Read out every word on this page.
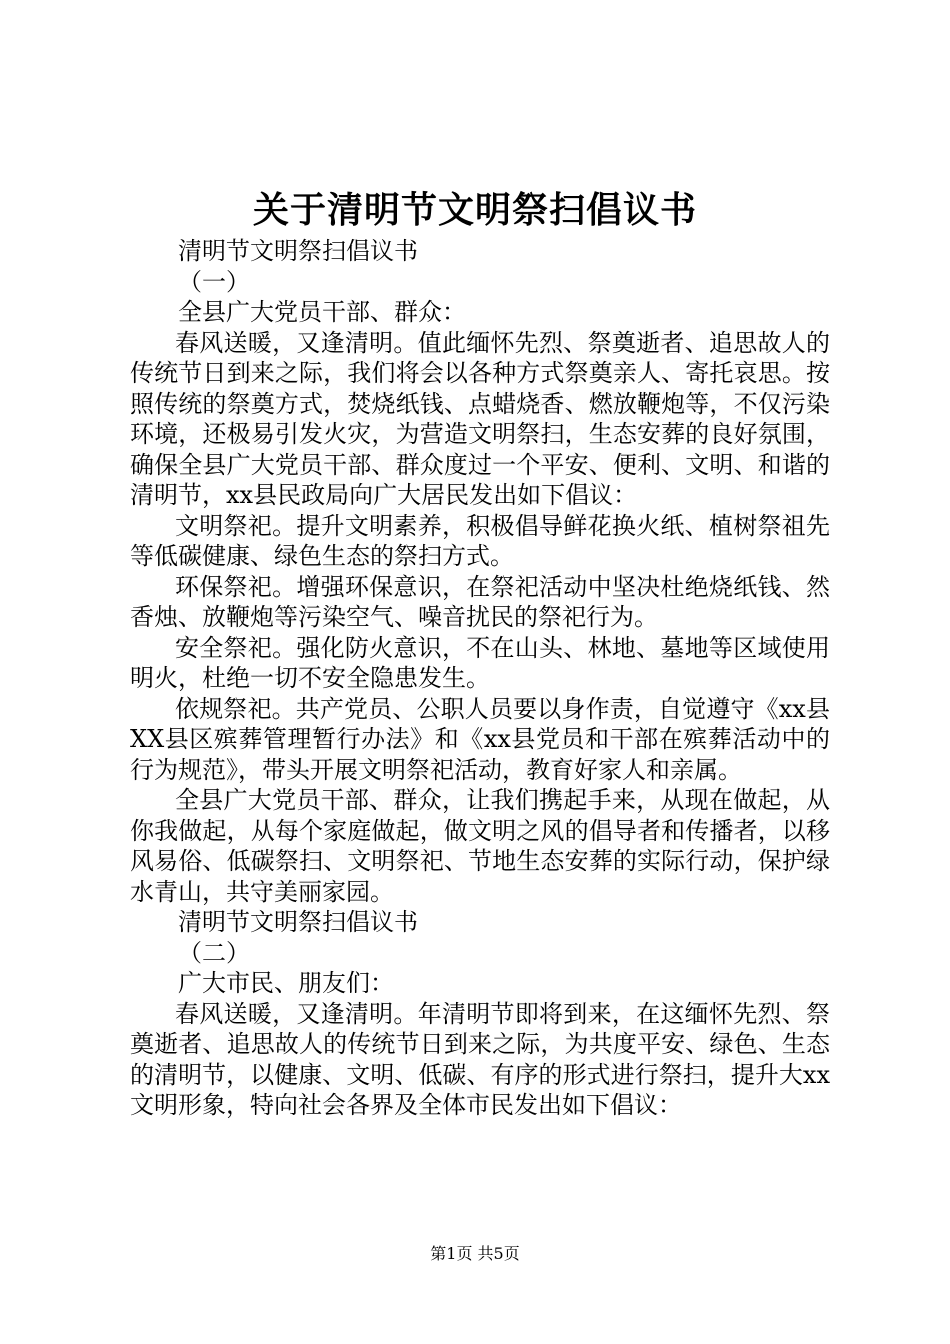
关于清明节文明祭扫倡议书

清明节文明祭扫倡议书

（一）

全县广大党员干部、群众：

春风送暖，又逢清明。值此缅怀先烈、祭奠逝者、追思故人的传统节日到来之际，我们将会以各种方式祭奠亲人、寄托哀思。按照传统的祭奠方式，焚烧纸钱、点蜡烧香、燃放鞭炮等，不仅污染环境，还极易引发火灾，为营造文明祭扫，生态安葬的良好氛围，确保全县广大党员干部、群众度过一个平安、便利、文明、和谐的清明节，xx县民政局向广大居民发出如下倡议：

文明祭祀。提升文明素养，积极倡导鲜花换火纸、植树祭祖先等低碳健康、绿色生态的祭扫方式。

环保祭祀。增强环保意识，在祭祀活动中坚决杜绝烧纸钱、然香烛、放鞭炮等污染空气、噪音扰民的祭祀行为。

安全祭祀。强化防火意识，不在山头、林地、墓地等区域使用明火，杜绝一切不安全隐患发生。

依规祭祀。共产党员、公职人员要以身作责，自觉遵守《xx县XX县区殡葬管理暂行办法》和《xx县党员和干部在殡葬活动中的行为规范》，带头开展文明祭祀活动，教育好家人和亲属。

全县广大党员干部、群众，让我们携起手来，从现在做起，从你我做起，从每个家庭做起，做文明之风的倡导者和传播者，以移风易俗、低碳祭扫、文明祭祀、节地生态安葬的实际行动，保护绿水青山，共守美丽家园。

清明节文明祭扫倡议书

（二）

广大市民、朋友们：

春风送暖，又逢清明。年清明节即将到来，在这缅怀先烈、祭奠逝者、追思故人的传统节日到来之际，为共度平安、绿色、生态的清明节，以健康、文明、低碳、有序的形式进行祭扫，提升大xx文明形象，特向社会各界及全体市民发出如下倡议：

第1页 共5页
